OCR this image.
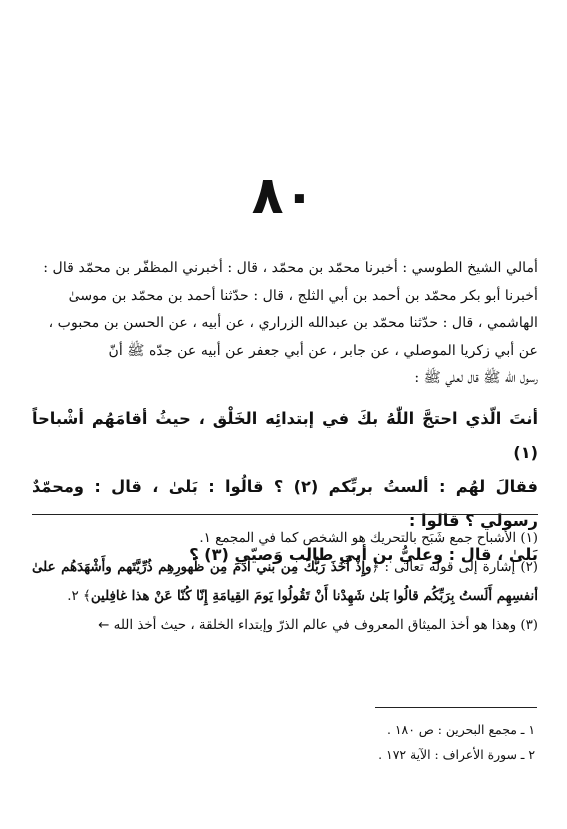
٨٠

أمالي الشيخ الطوسي : أخبرنا محمّد بن محمّد ، قال : أخبرني المظفّر بن محمّد قال :

أخبرنا أبو بكر محمّد بن أحمد بن أبي الثلج ، قال : حدّثنا أحمد بن محمّد بن موسىٰ

الهاشمي ، قال : حدّثنا محمّد بن عبدالله الزراري ، عن أبيه ، عن الحسن بن محبوب ،

عن أبي زكريا الموصلي ، عن جابر ، عن أبي جعفر عن أبيه عن جدّه ﷺ أنّ

رسول الله ﷺ قال لعلي ﷺ :

أنتَ الّذي احتجَّ اللّٰهُ بكَ في إبتدائِه الخَلْق ، حيثُ أقامَهُم أشْباحاً (١)

فقالَ لهُم : ألستُ بربِّكم (٢) ؟ قالُوا : بَلىٰ ، قال : ومحمّدٌ رسولي ؟ قالوا :

بَلىٰ ، قال : وعليُّ بن أبي طالب وَصيّي (٣) ؟

(١) الأشباح جمع شَبَح بالتحريك هو الشخص كما في المجمع ١.

(٢) إشارة إلى قوله تعالى : ﴿وإِذْ أَخَذَ رَبُّكَ مِن بني آدَمَ مِن ظُهورِهِم ذُرِّيَّتَهم وأَشْهَدَهُم علىٰ أنفسِهِم أَلَستُ بِرَبِّكُم قالُوا بَلىٰ شَهِدْنا أَنْ تَقُولُوا يَومَ القِيامَةِ إِنّا كُنّا عَنْ هذا غافِلين﴾ ٢.

(٣) وهذا هو أخذ الميثاق المعروف في عالم الذرّ وإبتداء الخلقة ، حيث أخذ الله ←

١ ـ مجمع البحرين : ص ١٨٠ .

٢ ـ سورة الأعراف : الآية ١٧٢ .
